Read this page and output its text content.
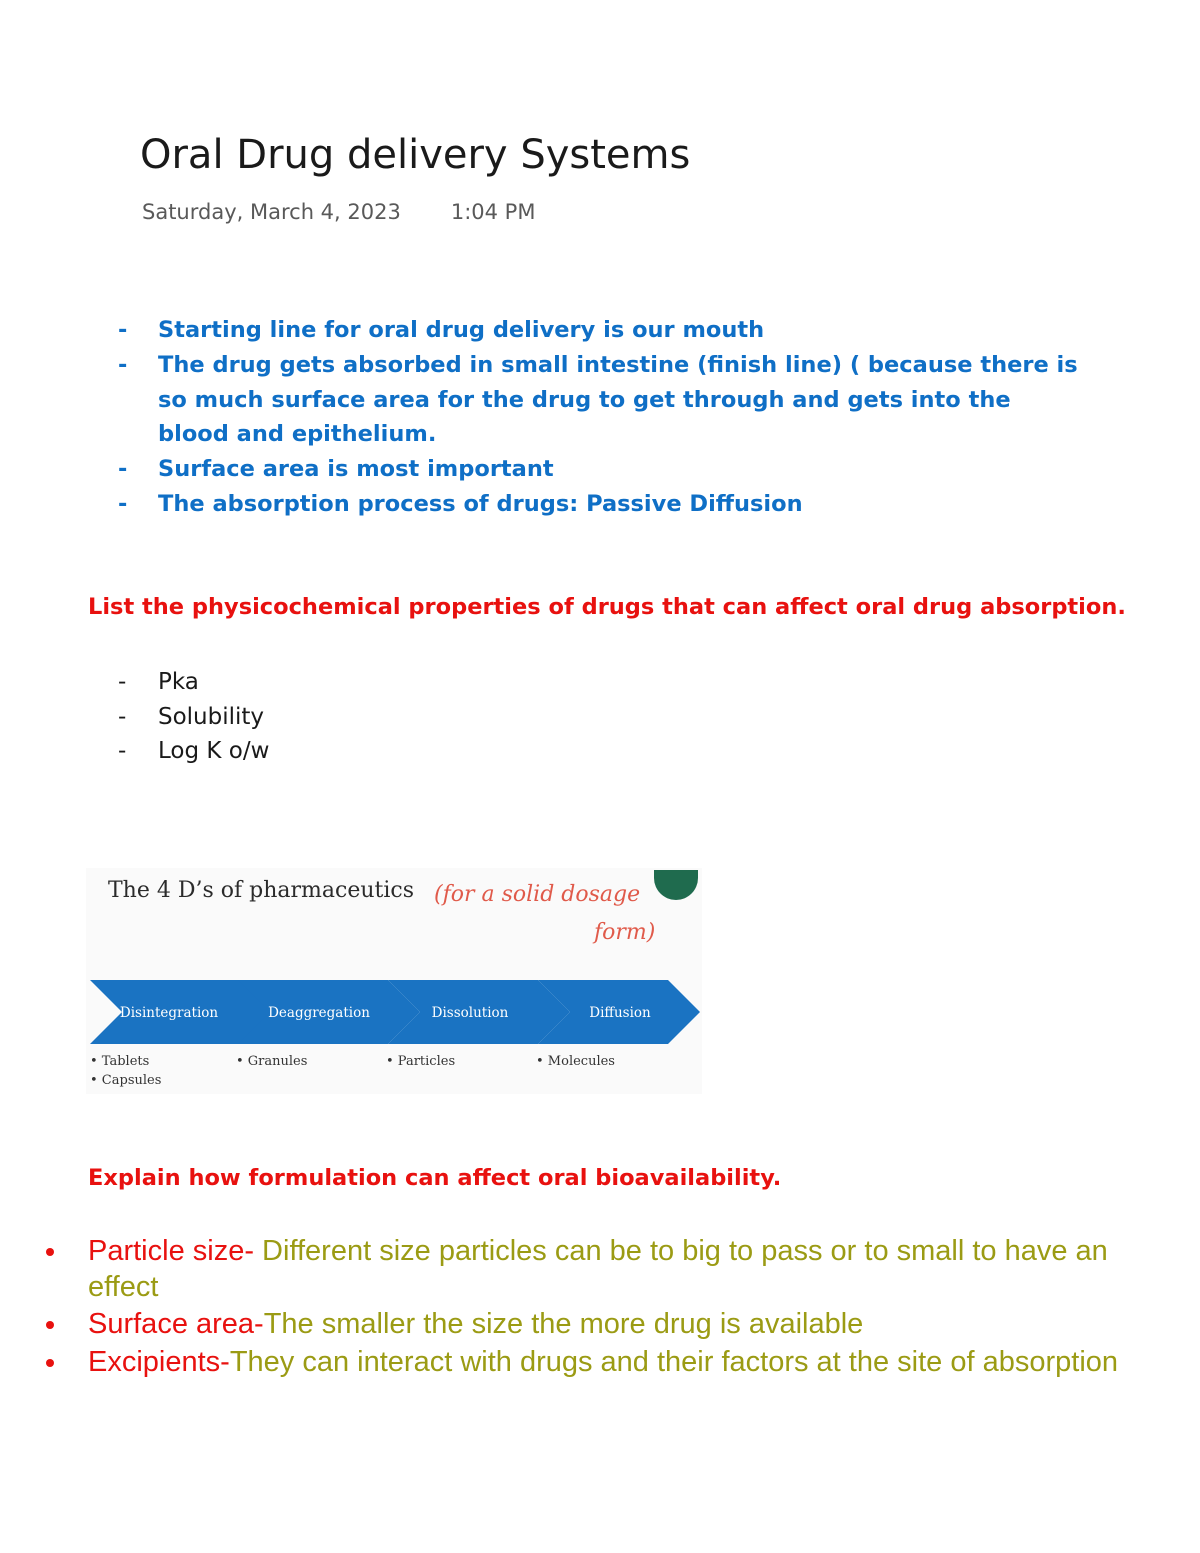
Oral Drug delivery Systems
Saturday, March 4, 2023 1:04 PM
- Starting line for oral drug delivery is our mouth
- The drug gets absorbed in small intestine (finish line) ( because there is so much surface area for the drug to get through and gets into the blood and epithelium.
- Surface area is most important
- The absorption process of drugs: Passive Diffusion
List the physicochemical properties of drugs that can affect oral drug absorption.
- Pka
- Solubility
- Log K o/w
The 4 D’s of pharmaceutics (for a solid dosage
form)
Disintegration	Deaggregation	Dissolution	Diffusion
• Tablets
• Capsules
• Granules	• Particles	• Molecules
Explain how formulation can affect oral bioavailability.
Particle size- Different size particles can be to big to pass or to small to have an effect
Surface area-The smaller the size the more drug is available
Excipients-They can interact with drugs and their factors at the site of absorption
